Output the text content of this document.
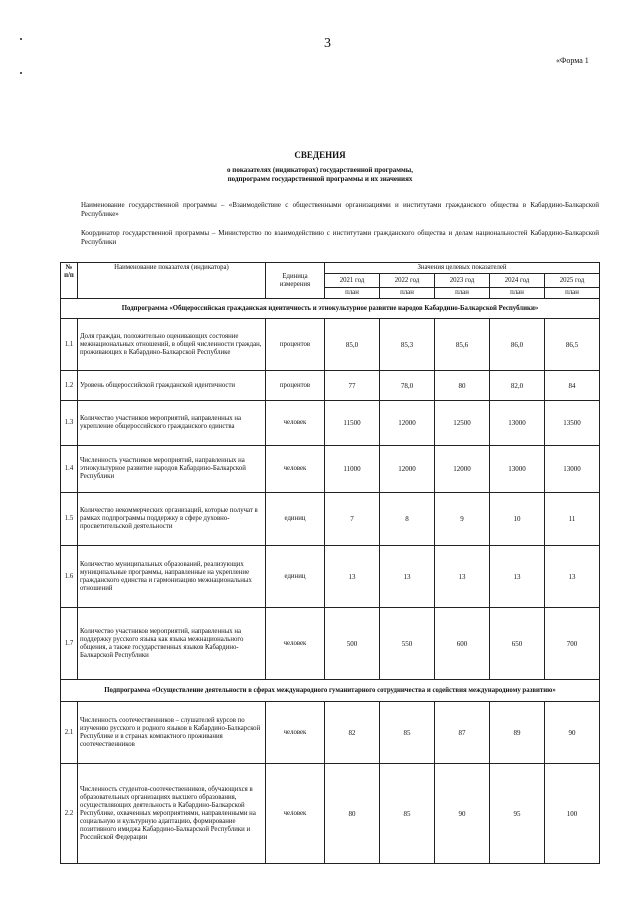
3
«Форма 1
СВЕДЕНИЯ
о показателях (индикаторах) государственной программы,
подпрограмм государственной программы и их значениях
Наименование государственной программы – «Взаимодействие с общественными организациями и институтами гражданского общества в Кабардино-Балкарской Республике»
Координатор государственной программы – Министерство по взаимодействию с институтами гражданского общества и делам национальностей Кабардино-Балкарской Республики
№ п/п	Наименование показателя (индикатора)	Единица измерения	Значения целевых показателей				
			2021 год	2022 год	2023 год	2024 год	2025 год
			план	план	план	план	план
Подпрограмма «Общероссийская гражданская идентичность и этнокультурное развитие народов Кабардино-Балкарской Республики»							
1.1	Доля граждан, положительно оценивающих состояние межнациональных отношений, в общей численности граждан, проживающих в Кабардино-Балкарской Республике	процентов	85,0	85,3	85,6	86,0	86,5
1.2	Уровень общероссийской гражданской идентичности	процентов	77	78,0	80	82,0	84
1.3	Количество участников мероприятий, направленных на укрепление общероссийского гражданского единства	человек	11500	12000	12500	13000	13500
1.4	Численность участников мероприятий, направленных на этнокультурное развитие народов Кабардино-Балкарской Республики	человек	11000	12000	12000	13000	13000
1.5	Количество некоммерческих организаций, которые получат в рамках подпрограммы поддержку в сфере духовно-просветительской деятельности	единиц	7	8	9	10	11
1.6	Количество муниципальных образований, реализующих муниципальные программы, направленные на укрепление гражданского единства и гармонизацию межнациональных отношений	единиц	13	13	13	13	13
1.7	Количество участников мероприятий, направленных на поддержку русского языка как языка межнационального общения, а также государственных языков Кабардино-Балкарской Республики	человек	500	550	600	650	700
Подпрограмма «Осуществление деятельности в сферах международного гуманитарного сотрудничества и содействия международному развитию»							
2.1	Численность соотечественников – слушателей курсов по изучению русского и родного языков в Кабардино-Балкарской Республике и в странах компактного проживания соотечественников	человек	82	85	87	89	90
2.2	Численность студентов-соотечественников, обучающихся в образовательных организациях высшего образования, осуществляющих деятельность в Кабардино-Балкарской Республике, охваченных мероприятиями, направленными на социальную и культурную адаптацию, формирование позитивного имиджа Кабардино-Балкарской Республики и Российской Федерации	человек	80	85	90	95	100
